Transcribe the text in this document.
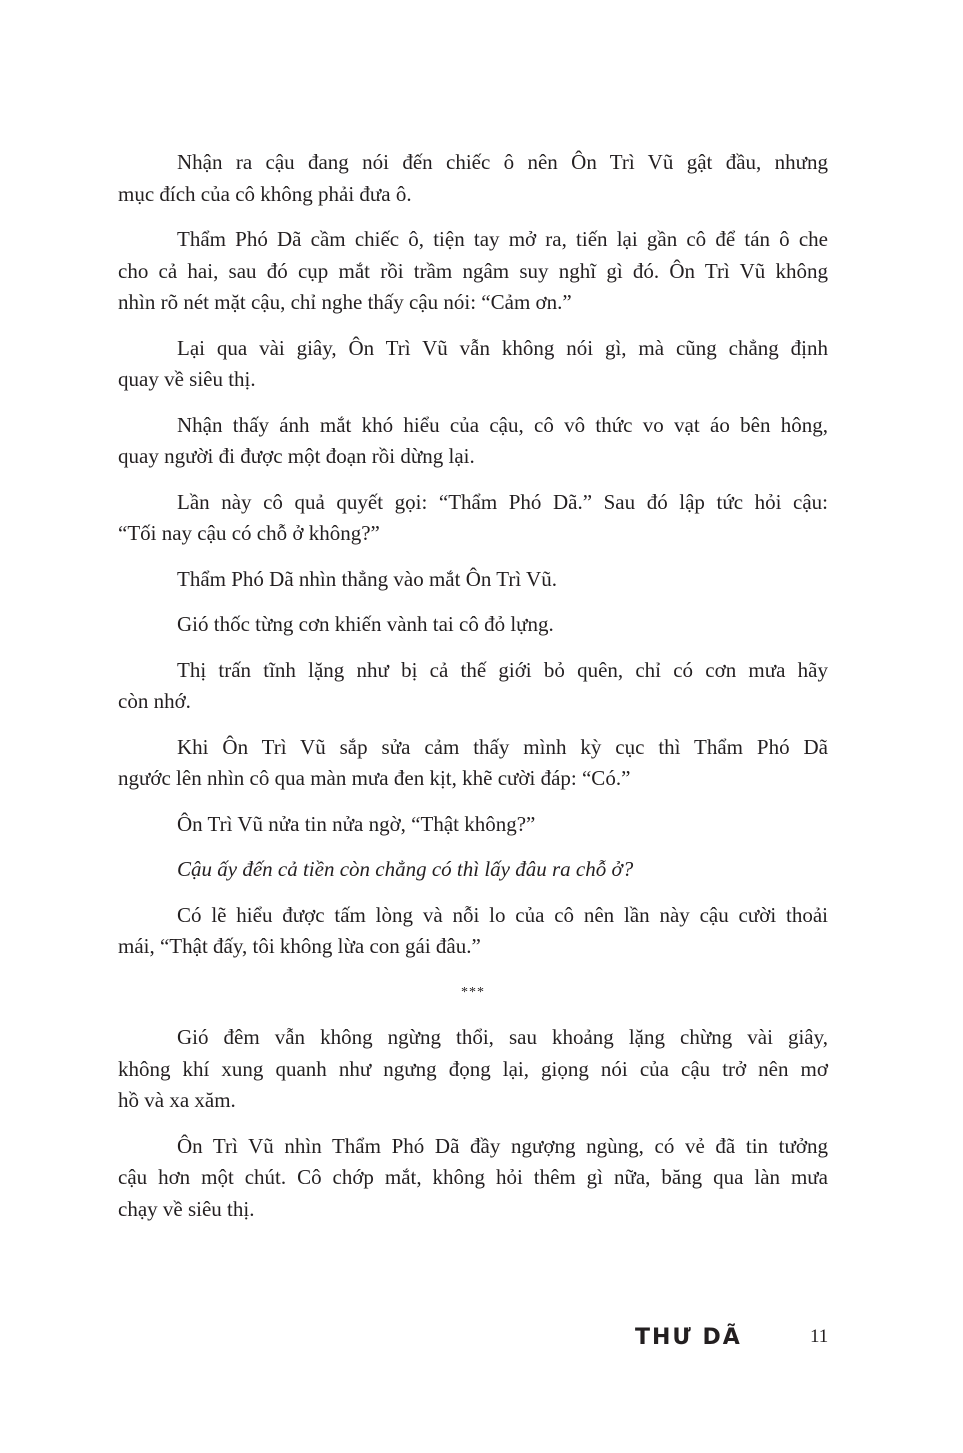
Nhận ra cậu đang nói đến chiếc ô nên Ôn Trì Vũ gật đầu, nhưng
mục đích của cô không phải đưa ô.
Thẩm Phó Dã cầm chiếc ô, tiện tay mở ra, tiến lại gần cô để tán ô che
cho cả hai, sau đó cụp mắt rồi trầm ngâm suy nghĩ gì đó. Ôn Trì Vũ không
nhìn rõ nét mặt cậu, chỉ nghe thấy cậu nói: “Cảm ơn.”
Lại qua vài giây, Ôn Trì Vũ vẫn không nói gì, mà cũng chẳng định
quay về siêu thị.
Nhận thấy ánh mắt khó hiểu của cậu, cô vô thức vo vạt áo bên hông,
quay người đi được một đoạn rồi dừng lại.
Lần này cô quả quyết gọi: “Thẩm Phó Dã.” Sau đó lập tức hỏi cậu:
“Tối nay cậu có chỗ ở không?”
Thẩm Phó Dã nhìn thẳng vào mắt Ôn Trì Vũ.
Gió thốc từng cơn khiến vành tai cô đỏ lựng.
Thị trấn tĩnh lặng như bị cả thế giới bỏ quên, chỉ có cơn mưa hãy
còn nhớ.
Khi Ôn Trì Vũ sắp sửa cảm thấy mình kỳ cục thì Thẩm Phó Dã
ngước lên nhìn cô qua màn mưa đen kịt, khẽ cười đáp: “Có.”
Ôn Trì Vũ nửa tin nửa ngờ, “Thật không?”
Cậu ấy đến cả tiền còn chẳng có thì lấy đâu ra chỗ ở?
Có lẽ hiểu được tấm lòng và nỗi lo của cô nên lần này cậu cười thoải
mái, “Thật đấy, tôi không lừa con gái đâu.”
***
Gió đêm vẫn không ngừng thổi, sau khoảng lặng chừng vài giây,
không khí xung quanh như ngưng đọng lại, giọng nói của cậu trở nên mơ
hồ và xa xăm.
Ôn Trì Vũ nhìn Thẩm Phó Dã đầy ngượng ngùng, có vẻ đã tin tưởng
cậu hơn một chút. Cô chớp mắt, không hỏi thêm gì nữa, băng qua làn mưa
chạy về siêu thị.
THƯ DÃ	11
